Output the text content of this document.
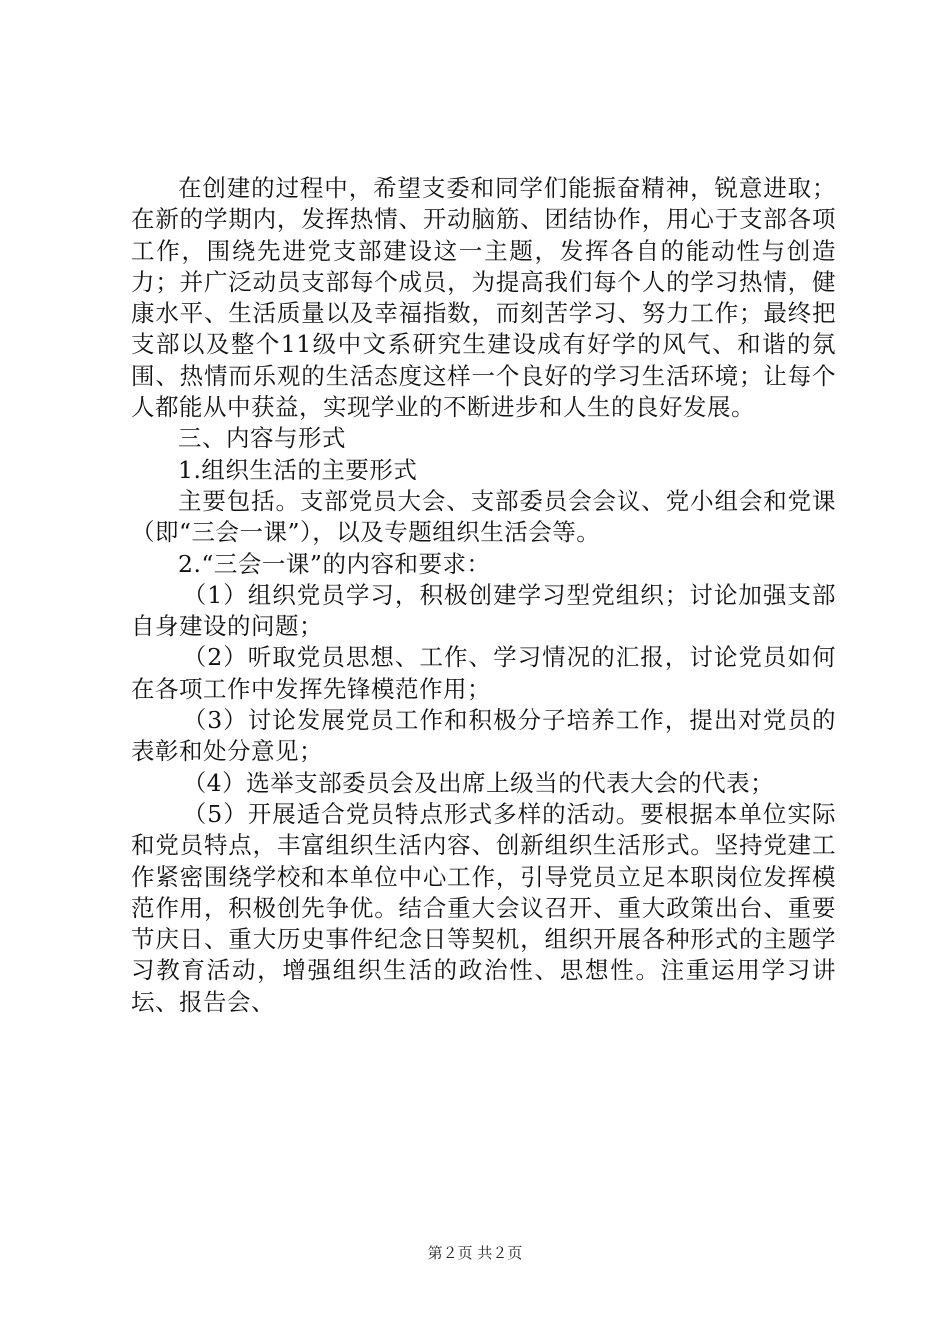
在创建的过程中，希望支委和同学们能振奋精神，锐意进取；在新的学期内，发挥热情、开动脑筋、团结协作，用心于支部各项工作，围绕先进党支部建设这一主题，发挥各自的能动性与创造力；并广泛动员支部每个成员，为提高我们每个人的学习热情，健康水平、生活质量以及幸福指数，而刻苦学习、努力工作；最终把支部以及整个11级中文系研究生建设成有好学的风气、和谐的氛围、热情而乐观的生活态度这样一个良好的学习生活环境；让每个人都能从中获益，实现学业的不断进步和人生的良好发展。

三、内容与形式

1.组织生活的主要形式

主要包括。支部党员大会、支部委员会会议、党小组会和党课（即“三会一课”），以及专题组织生活会等。

2.“三会一课”的内容和要求：

（1）组织党员学习，积极创建学习型党组织；讨论加强支部自身建设的问题；

（2）听取党员思想、工作、学习情况的汇报，讨论党员如何在各项工作中发挥先锋模范作用；

（3）讨论发展党员工作和积极分子培养工作，提出对党员的表彰和处分意见；

（4）选举支部委员会及出席上级当的代表大会的代表；

（5）开展适合党员特点形式多样的活动。要根据本单位实际和党员特点，丰富组织生活内容、创新组织生活形式。坚持党建工作紧密围绕学校和本单位中心工作，引导党员立足本职岗位发挥模范作用，积极创先争优。结合重大会议召开、重大政策出台、重要节庆日、重大历史事件纪念日等契机，组织开展各种形式的主题学习教育活动，增强组织生活的政治性、思想性。注重运用学习讲坛、报告会、

第２页 共２页
